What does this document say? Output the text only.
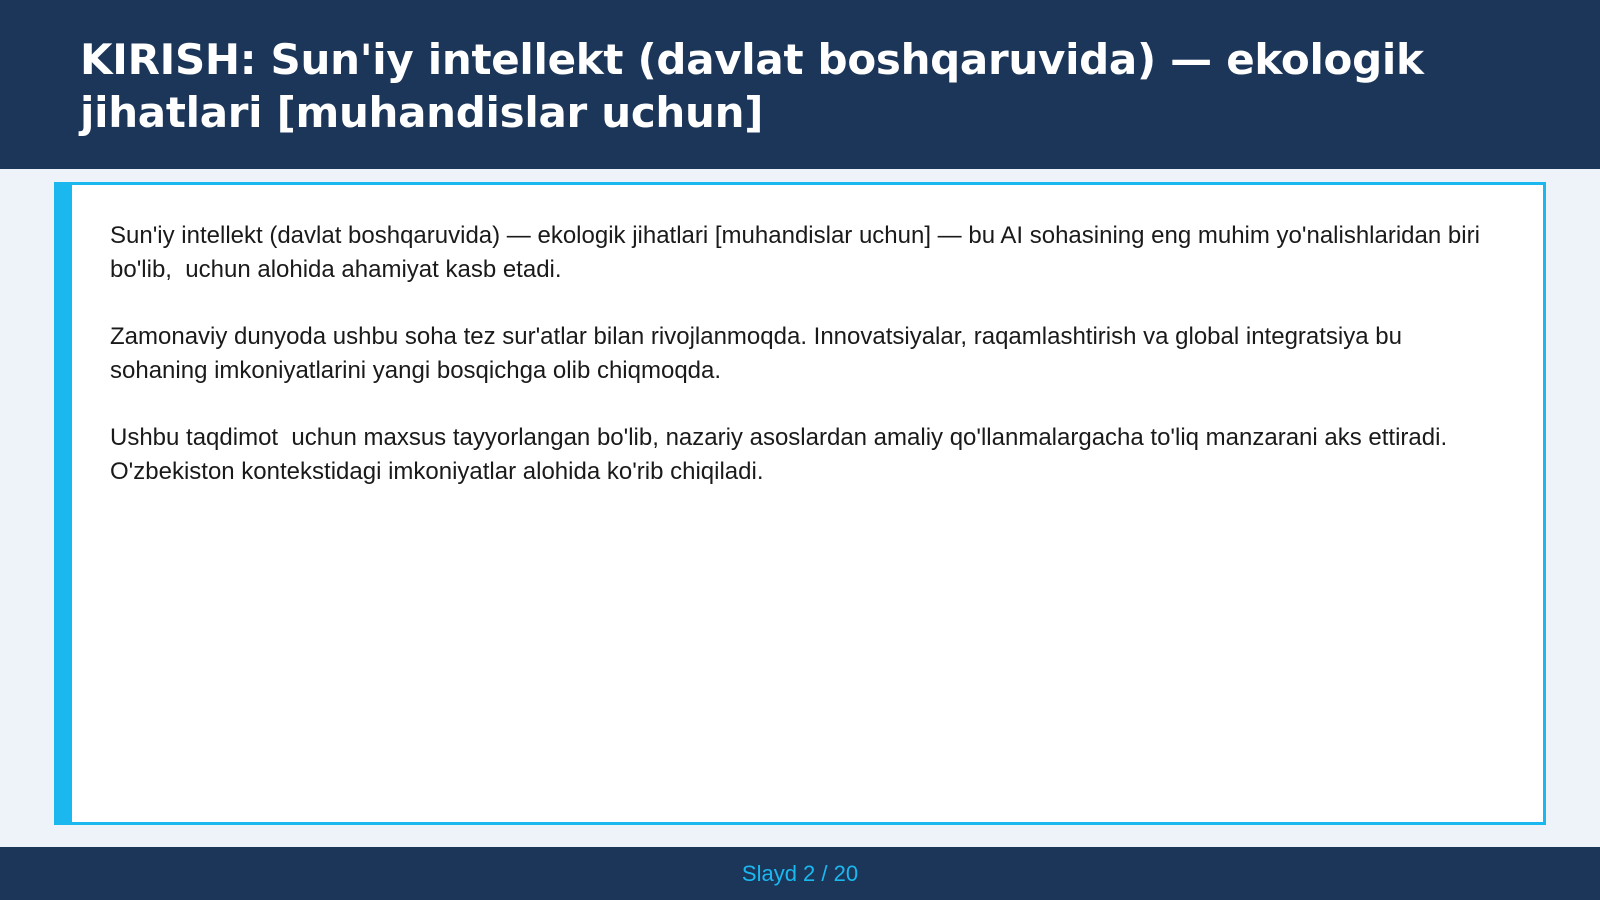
KIRISH: Sun'iy intellekt (davlat boshqaruvida) — ekologik jihatlari [muhandislar uchun]

Sun'iy intellekt (davlat boshqaruvida) — ekologik jihatlari [muhandislar uchun] — bu AI sohasining eng muhim yo'nalishlaridan biri bo'lib,  uchun alohida ahamiyat kasb etadi.

Zamonaviy dunyoda ushbu soha tez sur'atlar bilan rivojlanmoqda. Innovatsiyalar, raqamlashtirish va global integratsiya bu sohaning imkoniyatlarini yangi bosqichga olib chiqmoqda.

Ushbu taqdimot  uchun maxsus tayyorlangan bo'lib, nazariy asoslardan amaliy qo'llanmalargacha to'liq manzarani aks ettiradi. O'zbekiston kontekstidagi imkoniyatlar alohida ko'rib chiqiladi.

Slayd 2 / 20
